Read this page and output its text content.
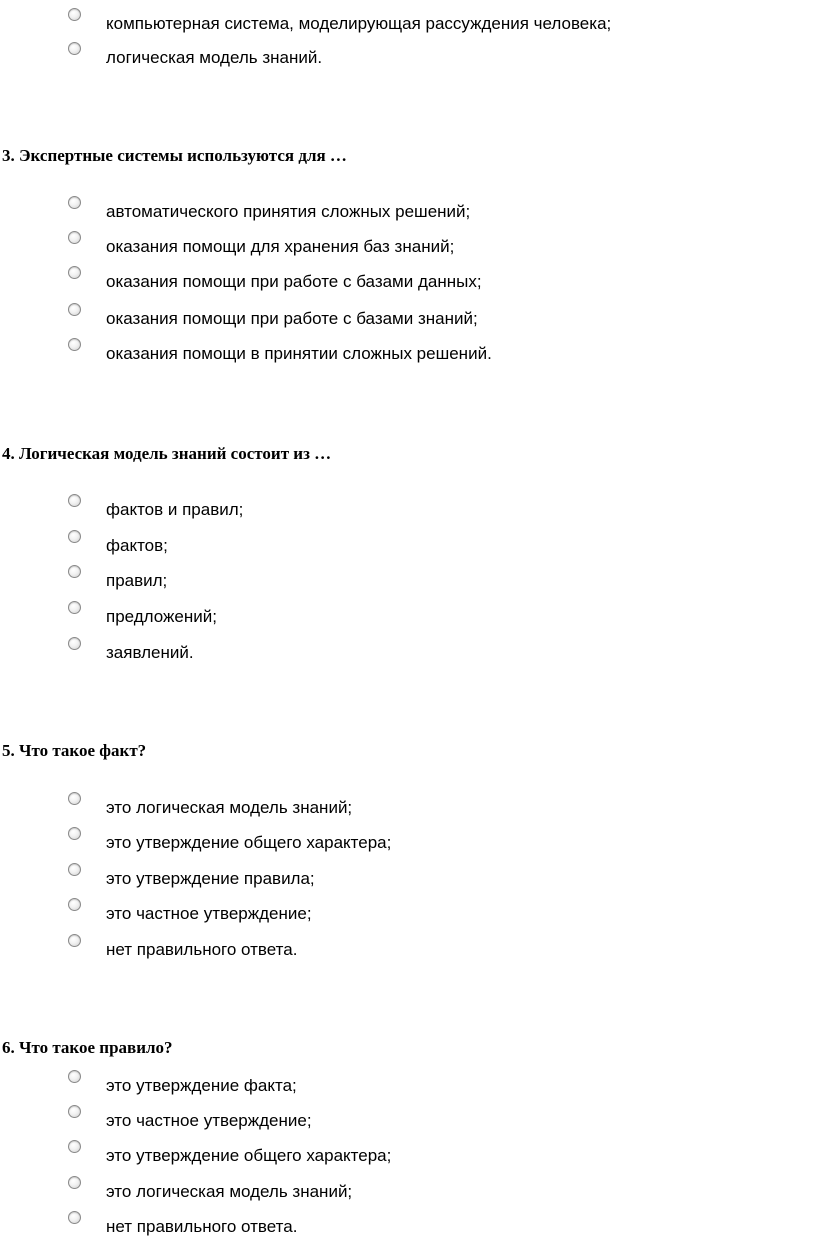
компьютерная система, моделирующая рассуждения человека;
логическая модель знаний.
3. Экспертные системы используются для …
автоматического принятия сложных решений;
оказания помощи для хранения баз знаний;
оказания помощи при работе с базами данных;
оказания помощи при работе с базами знаний;
оказания помощи в принятии сложных решений.
4. Логическая модель знаний состоит из …
фактов и правил;
фактов;
правил;
предложений;
заявлений.
5. Что такое факт?
это логическая модель знаний;
это утверждение общего характера;
это утверждение правила;
это частное утверждение;
нет правильного ответа.
6. Что такое правило?
это утверждение факта;
это частное утверждение;
это утверждение общего характера;
это логическая модель знаний;
нет правильного ответа.
